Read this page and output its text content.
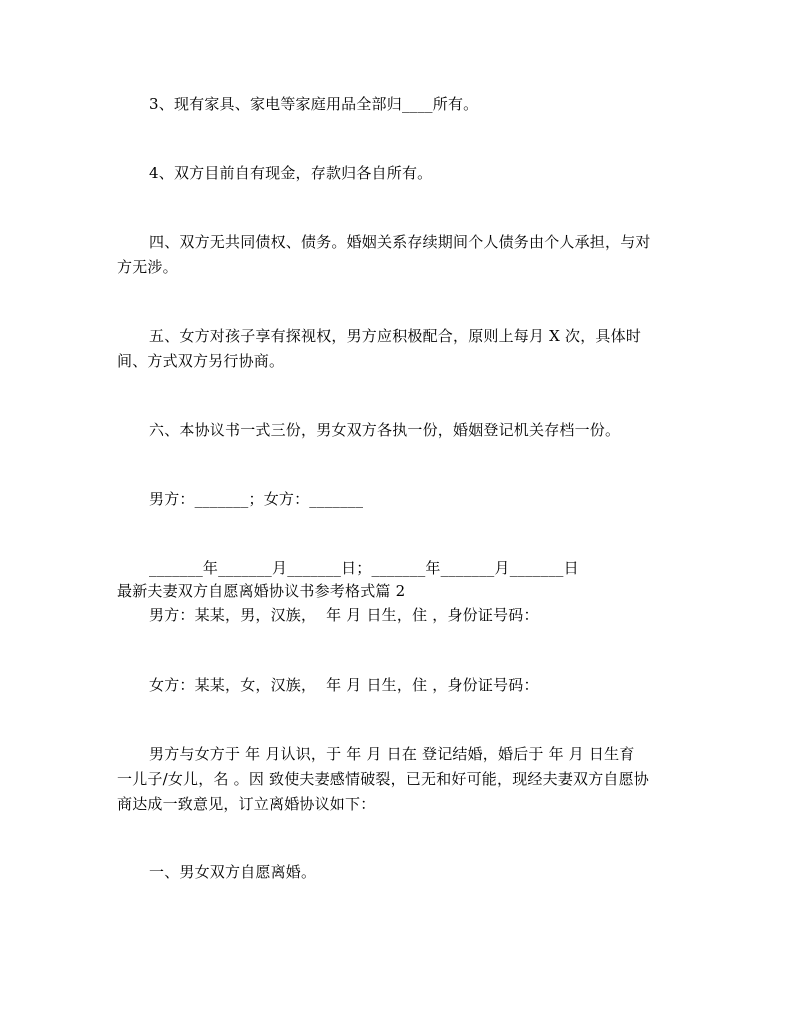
3、现有家具、家电等家庭用品全部归____所有。
4、双方目前自有现金，存款归各自所有。
四、双方无共同债权、债务。婚姻关系存续期间个人债务由个人承担，与对
方无涉。
五、女方对孩子享有探视权，男方应积极配合，原则上每月 X 次，具体时
间、方式双方另行协商。
六、本协议书一式三份，男女双方各执一份，婚姻登记机关存档一份。
男方：_______；女方：_______
_______年_______月_______日；_______年_______月_______日
最新夫妻双方自愿离婚协议书参考格式篇 2
男方：某某，男，汉族，  年 月 日生，住 ，身份证号码：
女方：某某，女，汉族，  年 月 日生，住 ，身份证号码：
男方与女方于 年 月认识，于 年 月 日在 登记结婚，婚后于 年 月 日生育
一儿子/女儿，名 。因 致使夫妻感情破裂，已无和好可能，现经夫妻双方自愿协
商达成一致意见，订立离婚协议如下：
一、男女双方自愿离婚。
